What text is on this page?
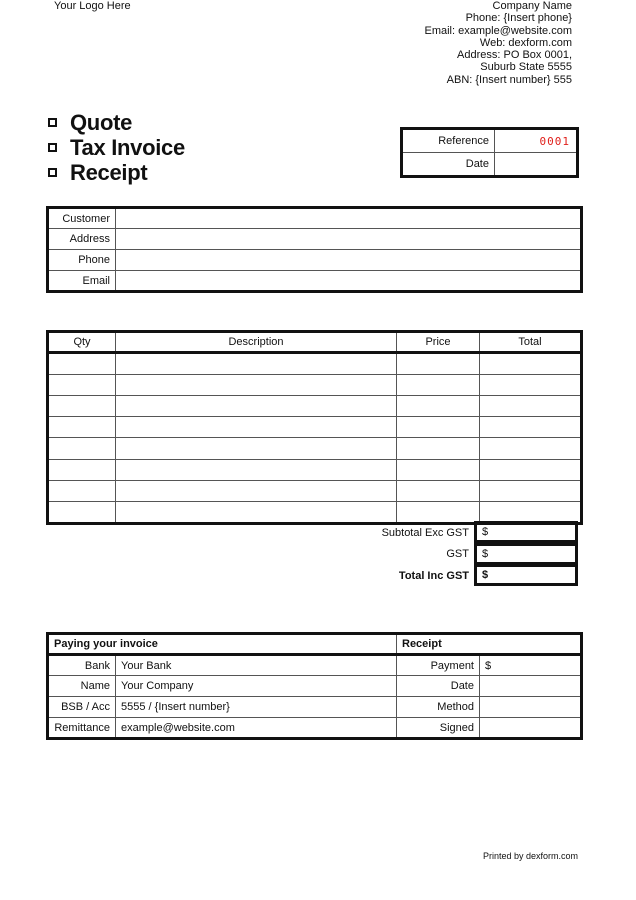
Your Logo Here	Company Name
Phone: {Insert phone}
Email: example@website.com
Web: dexform.com
Address: PO Box 0001,
Suburb State 5555
ABN: {Insert number} 555
Quote
Tax Invoice
Receipt
Reference	0001
Date	
Customer	
Address	
Phone	
Email	
Qty	Description	Price	Total

Subtotal Exc GST	$
GST	$
Total Inc GST	$
Paying your invoice		Receipt	
Bank	Your Bank	Payment	$
Name	Your Company	Date	
BSB / Acc	5555 / {Insert number}	Method	
Remittance	example@website.com	Signed	
Printed by dexform.com
